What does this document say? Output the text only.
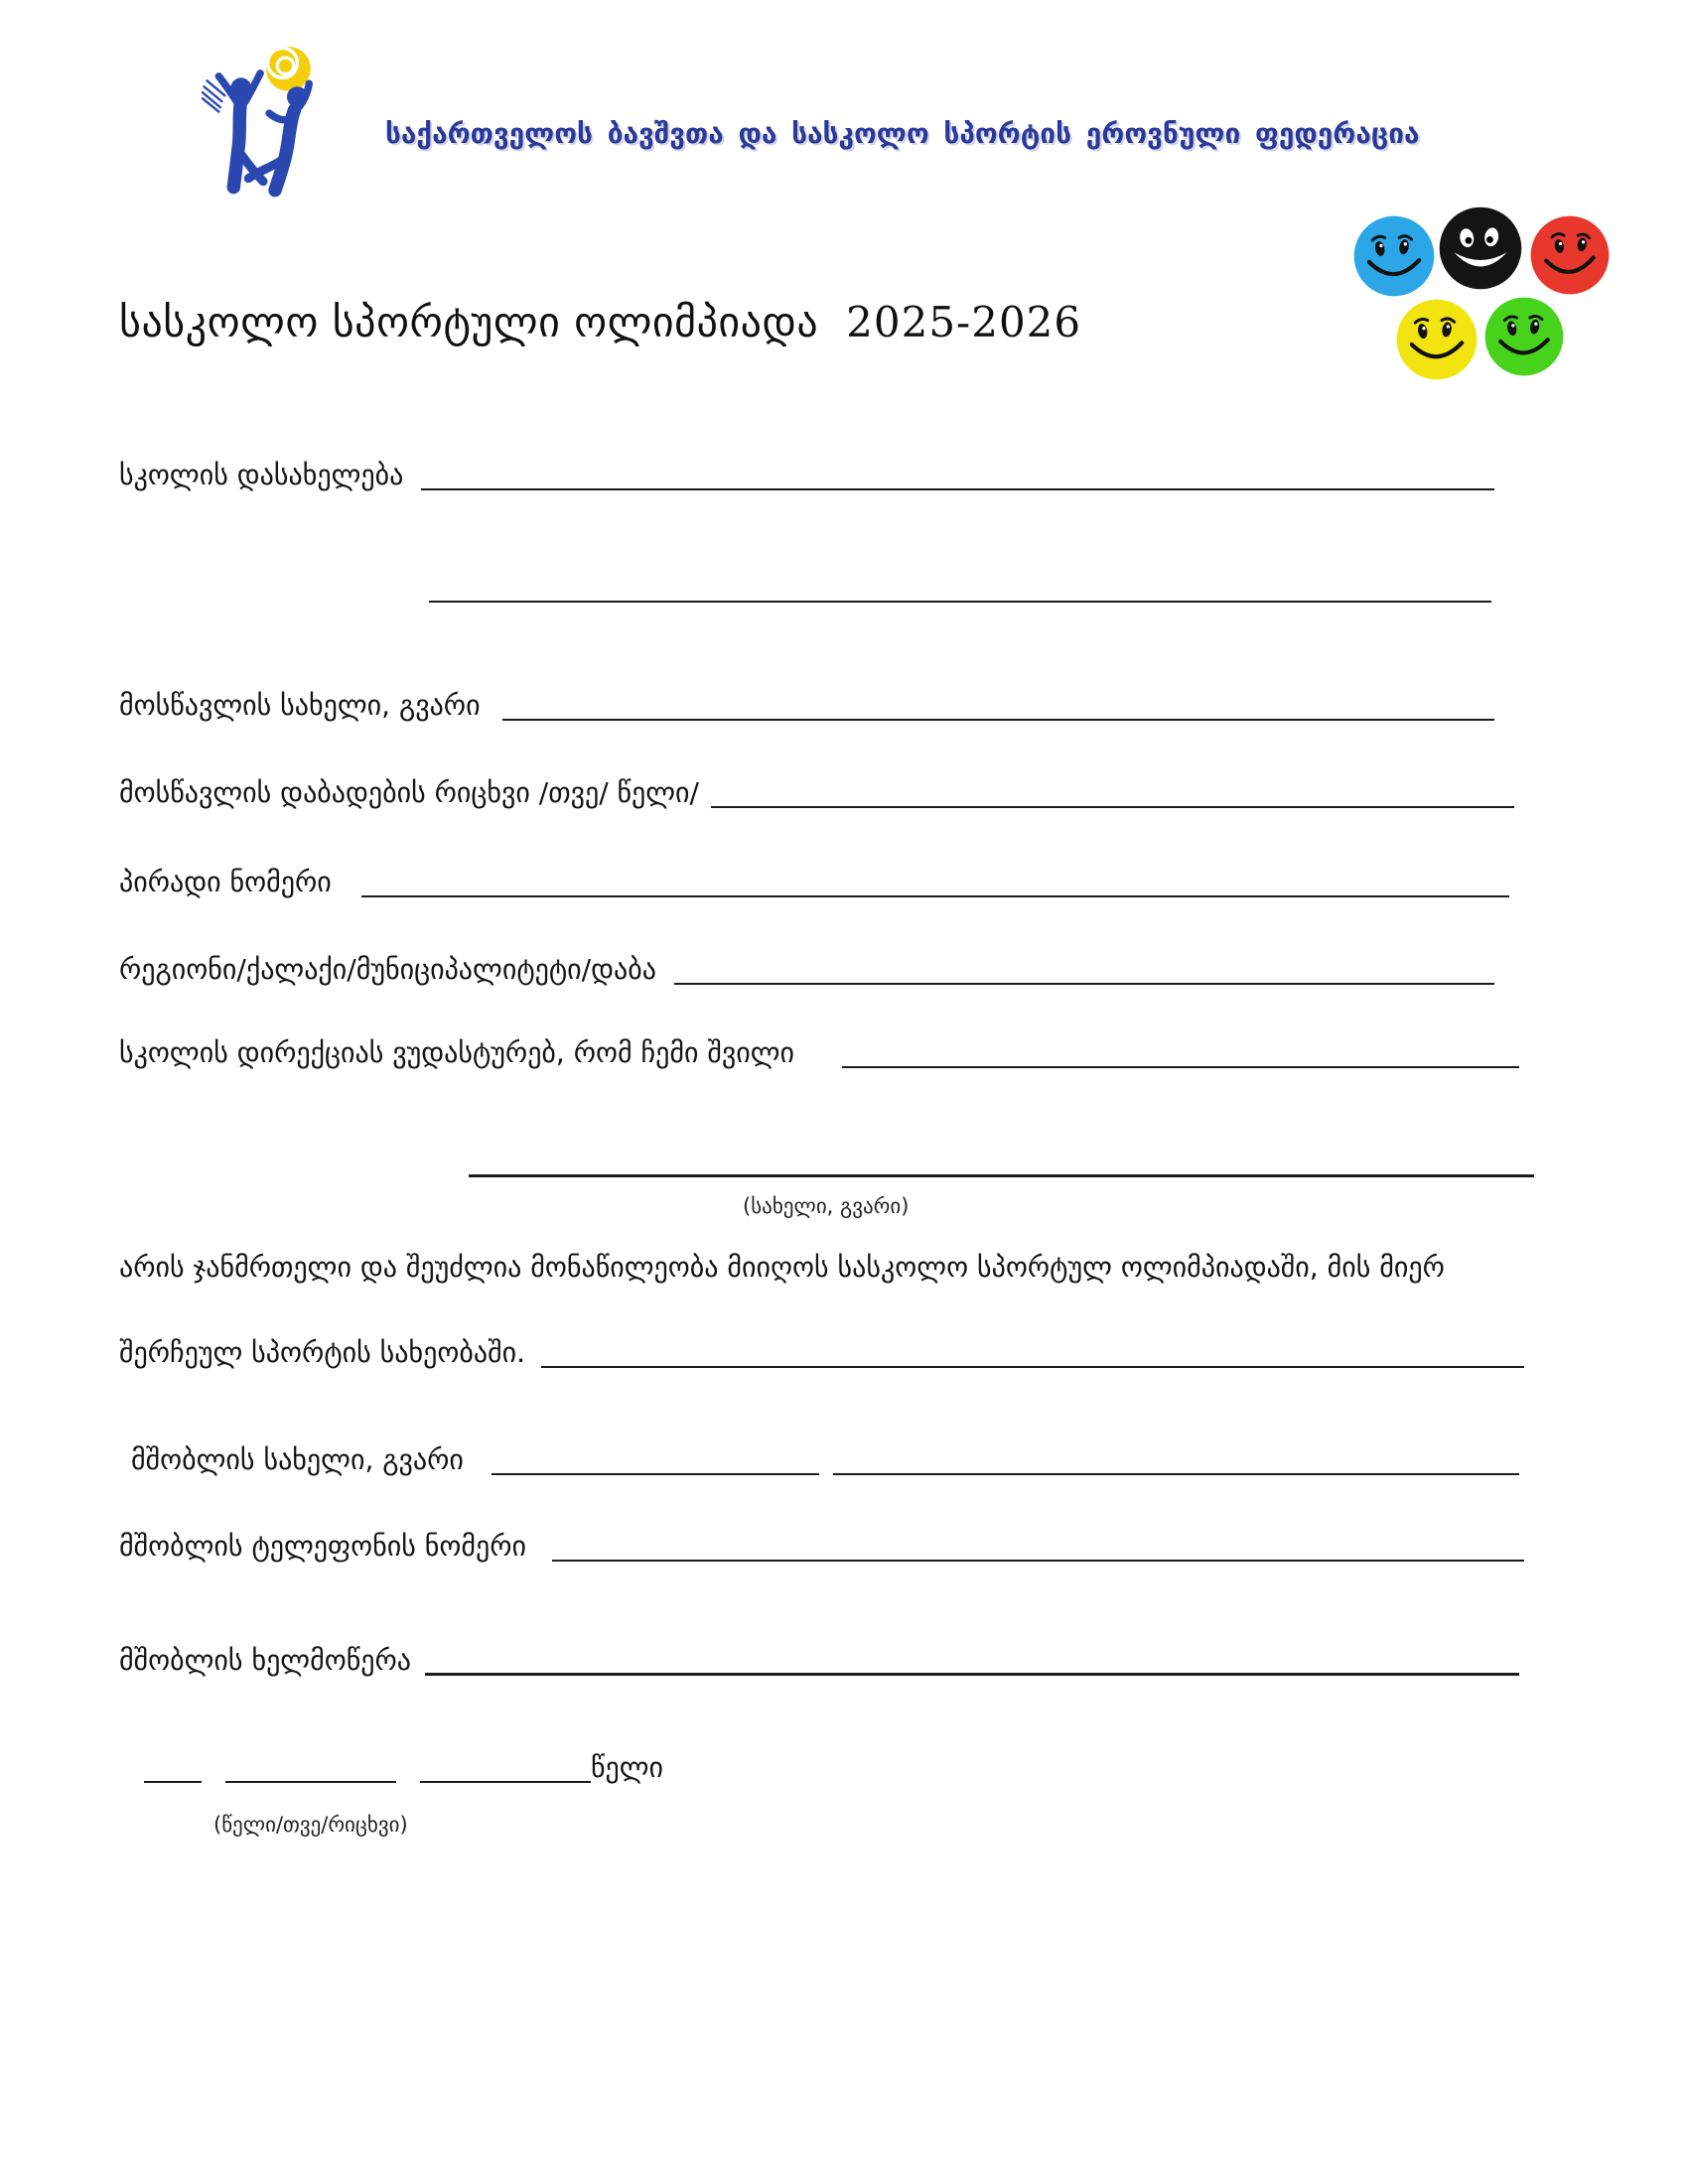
საქართველოს ბავშვთა და სასკოლო სპორტის ეროვნული ფედერაცია
სასკოლო სპორტული ოლიმპიადა 2025-2026
სკოლის დასახელება
მოსწავლის სახელი, გვარი
მოსწავლის დაბადების რიცხვი /თვე/ წელი/
პირადი ნომერი
რეგიონი/ქალაქი/მუნიციპალიტეტი/დაბა
სკოლის დირექციას ვუდასტურებ, რომ ჩემი შვილი
(სახელი, გვარი)
არის ჯანმრთელი და შეუძლია მონაწილეობა მიიღოს სასკოლო სპორტულ ოლიმპიადაში, მის მიერ
შერჩეულ სპორტის სახეობაში.
მშობლის სახელი, გვარი
მშობლის ტელეფონის ნომერი
მშობლის ხელმოწერა
წელი
(წელი/თვე/რიცხვი)
